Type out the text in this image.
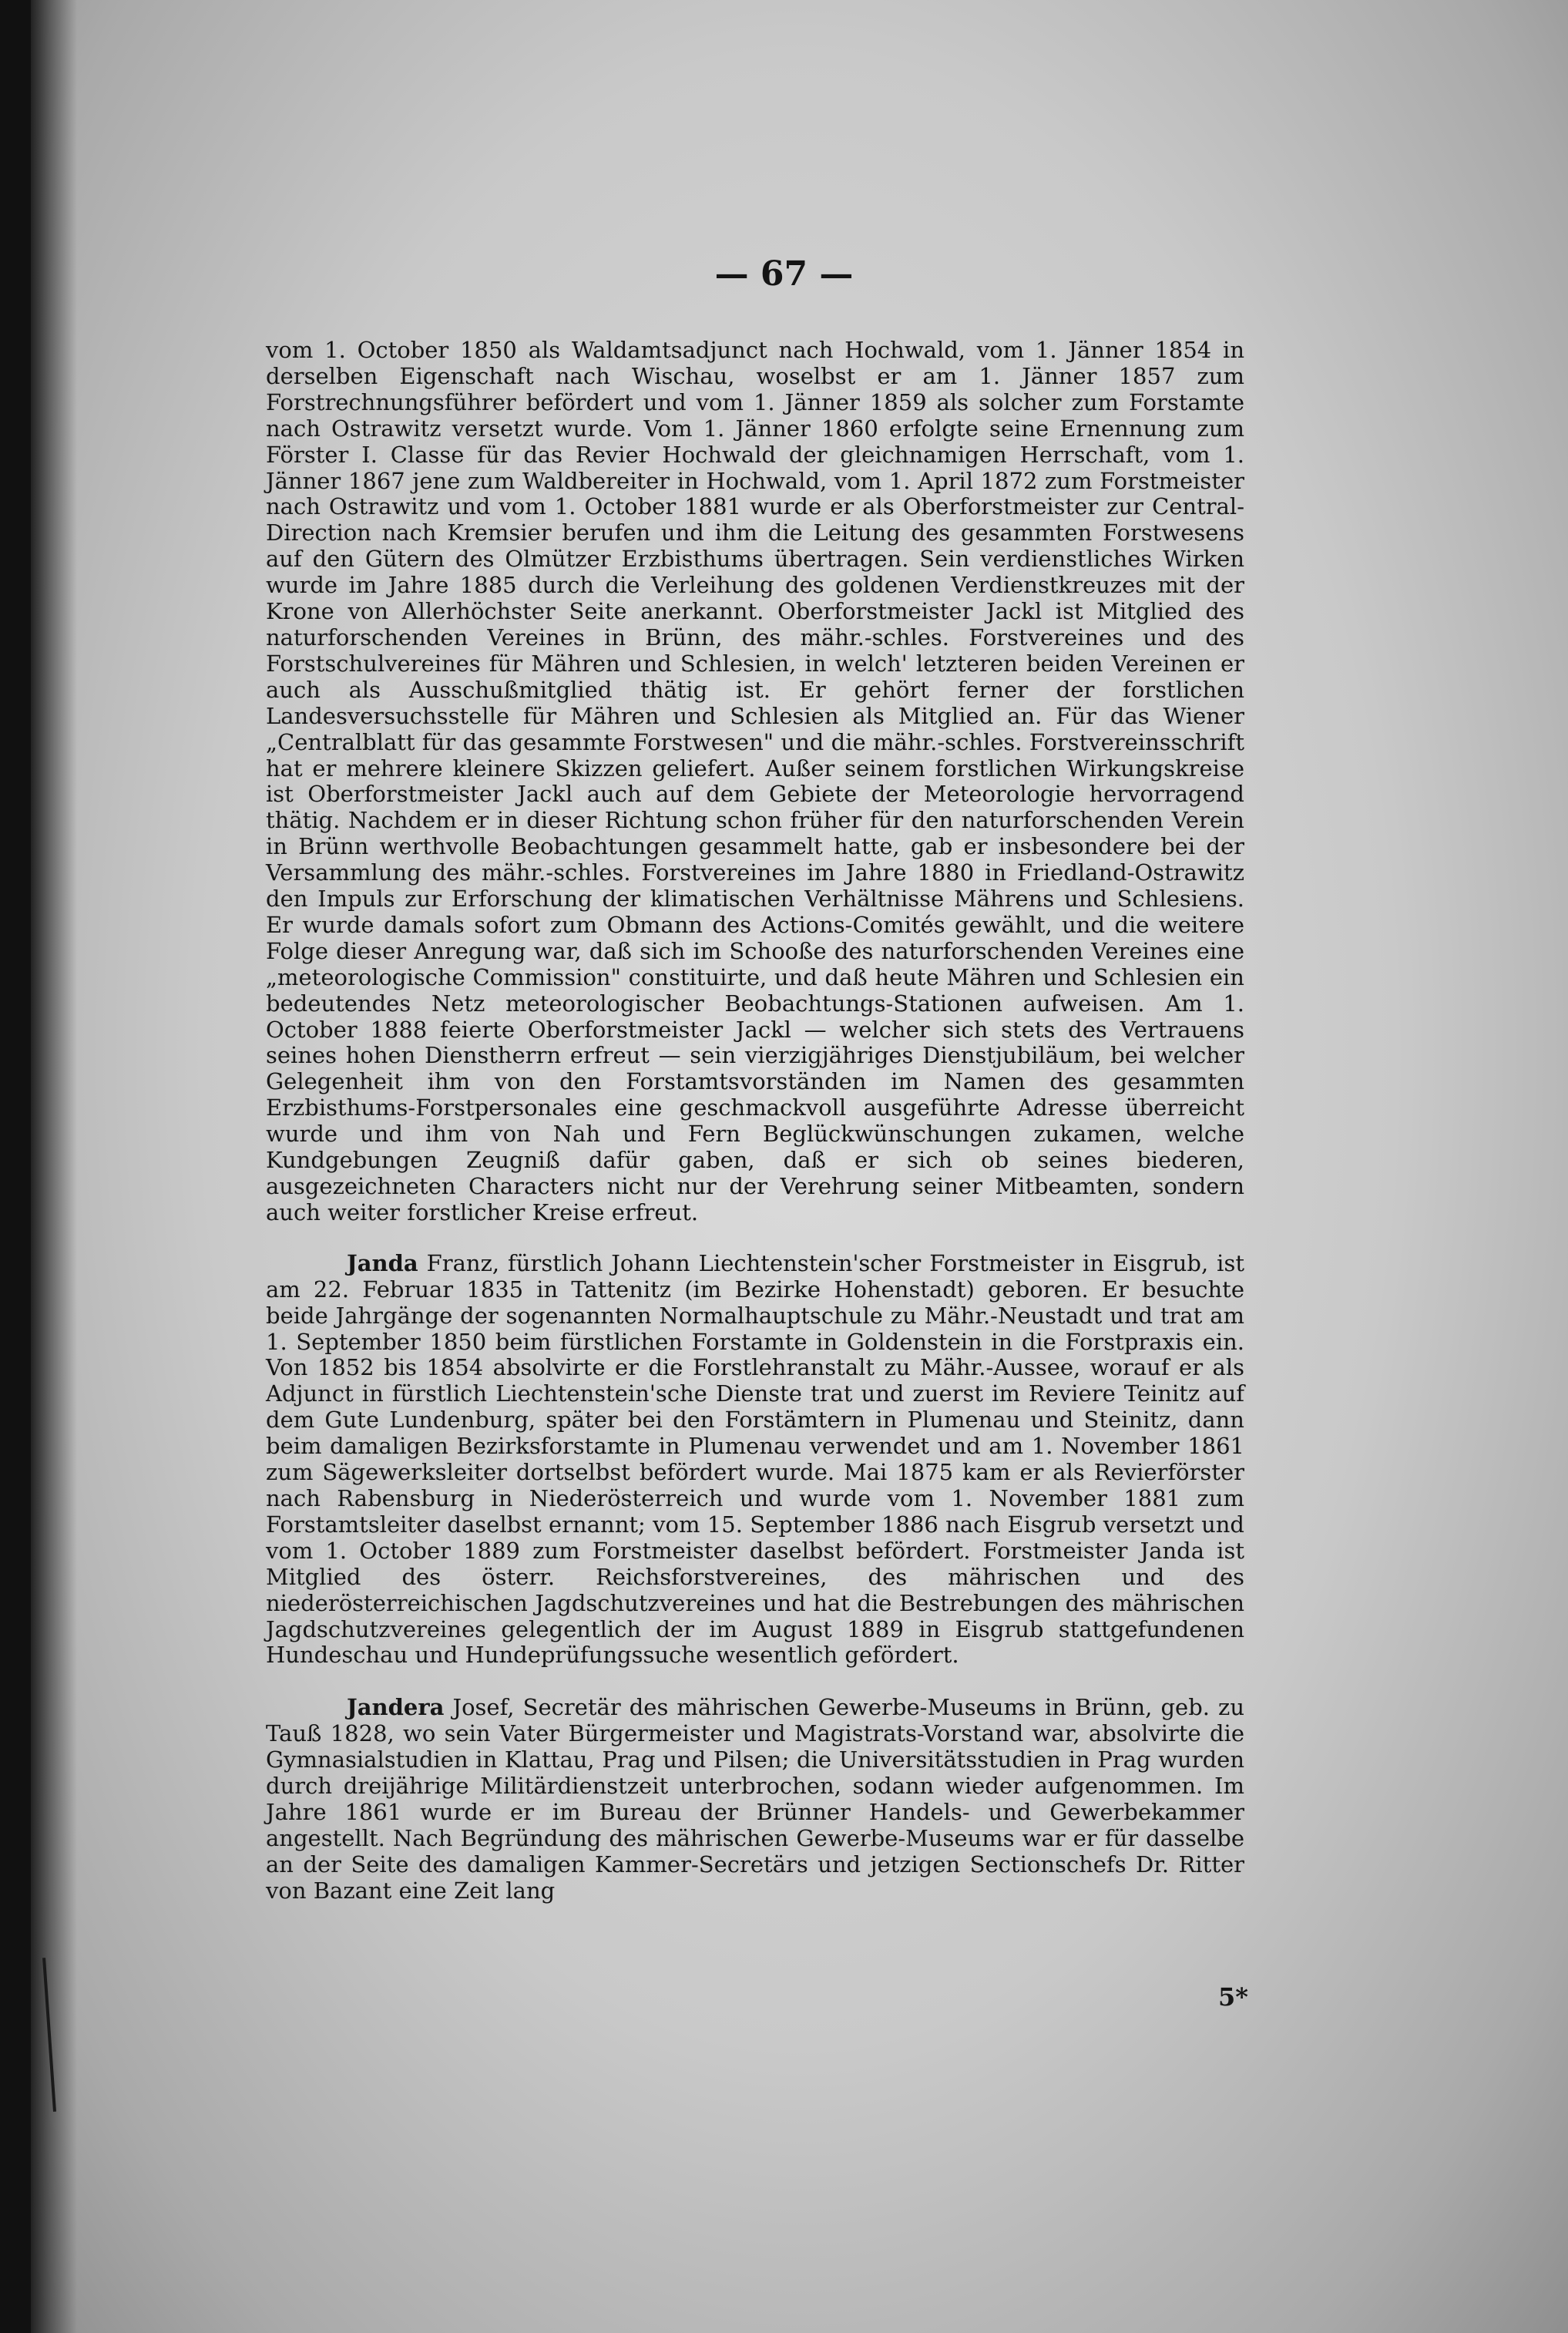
— 67 —

vom 1. October 1850 als Waldamtsadjunct nach Hochwald, vom 1. Jänner 1854 in derselben Eigenschaft nach Wischau, woselbst er am 1. Jänner 1857 zum Forstrechnungsführer befördert und vom 1. Jänner 1859 als solcher zum Forstamte nach Ostrawitz versetzt wurde. Vom 1. Jänner 1860 erfolgte seine Ernennung zum Förster I. Classe für das Revier Hochwald der gleichnamigen Herrschaft, vom 1. Jänner 1867 jene zum Waldbereiter in Hochwald, vom 1. April 1872 zum Forstmeister nach Ostrawitz und vom 1. October 1881 wurde er als Oberforstmeister zur Central-Direction nach Kremsier berufen und ihm die Leitung des gesammten Forstwesens auf den Gütern des Olmützer Erzbisthums übertragen. Sein verdienstliches Wirken wurde im Jahre 1885 durch die Verleihung des goldenen Verdienstkreuzes mit der Krone von Allerhöchster Seite anerkannt. Oberforstmeister Jackl ist Mitglied des naturforschenden Vereines in Brünn, des mähr.-schles. Forstvereines und des Forstschulvereines für Mähren und Schlesien, in welch' letzteren beiden Vereinen er auch als Ausschußmitglied thätig ist. Er gehört ferner der forstlichen Landesversuchsstelle für Mähren und Schlesien als Mitglied an. Für das Wiener „Centralblatt für das gesammte Forstwesen" und die mähr.-schles. Forstvereinsschrift hat er mehrere kleinere Skizzen geliefert. Außer seinem forstlichen Wirkungskreise ist Oberforstmeister Jackl auch auf dem Gebiete der Meteorologie hervorragend thätig. Nachdem er in dieser Richtung schon früher für den naturforschenden Verein in Brünn werthvolle Beobachtungen gesammelt hatte, gab er insbesondere bei der Versammlung des mähr.-schles. Forstvereines im Jahre 1880 in Friedland-Ostrawitz den Impuls zur Erforschung der klimatischen Verhältnisse Mährens und Schlesiens. Er wurde damals sofort zum Obmann des Actions-Comités gewählt, und die weitere Folge dieser Anregung war, daß sich im Schooße des naturforschenden Vereines eine „meteorologische Commission" constituirte, und daß heute Mähren und Schlesien ein bedeutendes Netz meteorologischer Beobachtungs-Stationen aufweisen. Am 1. October 1888 feierte Oberforstmeister Jackl — welcher sich stets des Vertrauens seines hohen Dienstherrn erfreut — sein vierzigjähriges Dienstjubiläum, bei welcher Gelegenheit ihm von den Forstamtsvorständen im Namen des gesammten Erzbisthums-Forstpersonales eine geschmackvoll ausgeführte Adresse überreicht wurde und ihm von Nah und Fern Beglückwünschungen zukamen, welche Kundgebungen Zeugniß dafür gaben, daß er sich ob seines biederen, ausgezeichneten Characters nicht nur der Verehrung seiner Mitbeamten, sondern auch weiter forstlicher Kreise erfreut.

Janda Franz, fürstlich Johann Liechtenstein'scher Forstmeister in Eisgrub, ist am 22. Februar 1835 in Tattenitz (im Bezirke Hohenstadt) geboren. Er besuchte beide Jahrgänge der sogenannten Normalhauptschule zu Mähr.-Neustadt und trat am 1. September 1850 beim fürstlichen Forstamte in Goldenstein in die Forstpraxis ein. Von 1852 bis 1854 absolvirte er die Forstlehranstalt zu Mähr.-Aussee, worauf er als Adjunct in fürstlich Liechtenstein'sche Dienste trat und zuerst im Reviere Teinitz auf dem Gute Lundenburg, später bei den Forstämtern in Plumenau und Steinitz, dann beim damaligen Bezirksforstamte in Plumenau verwendet und am 1. November 1861 zum Sägewerksleiter dortselbst befördert wurde. Mai 1875 kam er als Revierförster nach Rabensburg in Niederösterreich und wurde vom 1. November 1881 zum Forstamtsleiter daselbst ernannt; vom 15. September 1886 nach Eisgrub versetzt und vom 1. October 1889 zum Forstmeister daselbst befördert. Forstmeister Janda ist Mitglied des österr. Reichsforstvereines, des mährischen und des niederösterreichischen Jagdschutzvereines und hat die Bestrebungen des mährischen Jagdschutzvereines gelegentlich der im August 1889 in Eisgrub stattgefundenen Hundeschau und Hundeprüfungssuche wesentlich gefördert.

Jandera Josef, Secretär des mährischen Gewerbe-Museums in Brünn, geb. zu Tauß 1828, wo sein Vater Bürgermeister und Magistrats-Vorstand war, absolvirte die Gymnasialstudien in Klattau, Prag und Pilsen; die Universitätsstudien in Prag wurden durch dreijährige Militärdienstzeit unterbrochen, sodann wieder aufgenommen. Im Jahre 1861 wurde er im Bureau der Brünner Handels- und Gewerbekammer angestellt. Nach Begründung des mährischen Gewerbe-Museums war er für dasselbe an der Seite des damaligen Kammer-Secretärs und jetzigen Sectionschefs Dr. Ritter von Bazant eine Zeit lang

5*
